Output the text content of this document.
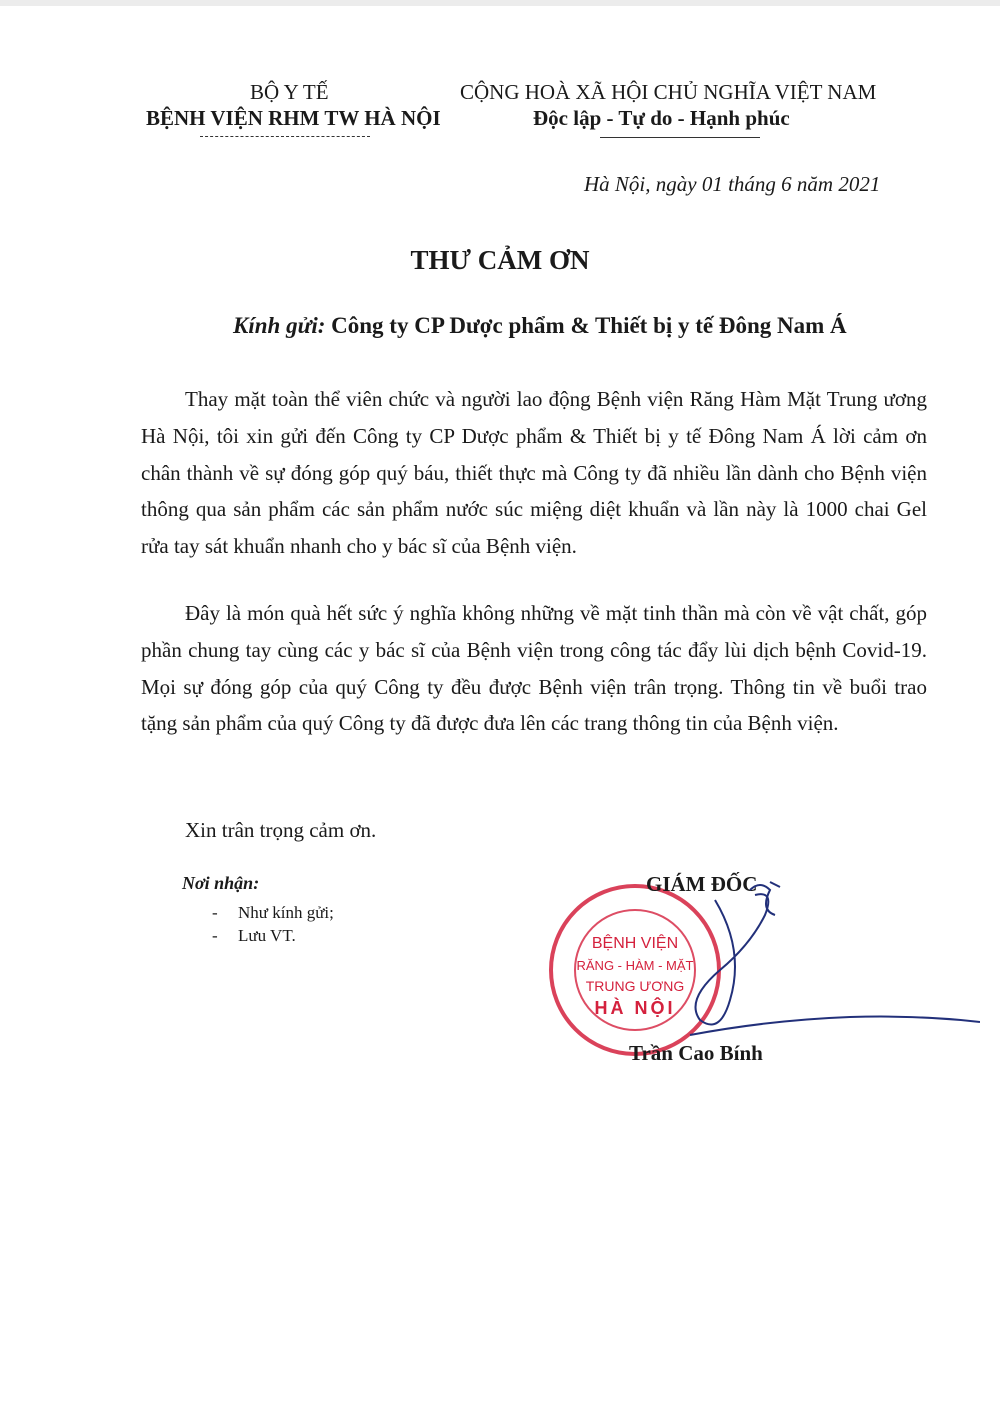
BỘ Y TẾ
BỆNH VIỆN RHM TW HÀ NỘI
CỘNG HOÀ XÃ HỘI CHỦ NGHĨA VIỆT NAM
Độc lập - Tự do - Hạnh phúc
Hà Nội, ngày 01 tháng 6 năm 2021
THƯ CẢM ƠN
Kính gửi: Công ty CP Dược phẩm & Thiết bị y tế Đông Nam Á

Thay mặt toàn thể viên chức và người lao động Bệnh viện Răng Hàm Mặt Trung ương Hà Nội, tôi xin gửi đến Công ty CP Dược phẩm & Thiết bị y tế Đông Nam Á lời cảm ơn chân thành về sự đóng góp quý báu, thiết thực mà Công ty đã nhiều lần dành cho Bệnh viện thông qua sản phẩm các sản phẩm nước súc miệng diệt khuẩn và lần này là 1000 chai Gel rửa tay sát khuẩn nhanh cho y bác sĩ của Bệnh viện.

Đây là món quà hết sức ý nghĩa không những về mặt tinh thần mà còn về vật chất, góp phần chung tay cùng các y bác sĩ của Bệnh viện trong công tác đẩy lùi dịch bệnh Covid-19. Mọi sự đóng góp của quý Công ty đều được Bệnh viện trân trọng. Thông tin về buổi trao tặng sản phẩm của quý Công ty đã được đưa lên các trang thông tin của Bệnh viện.

Xin trân trọng cảm ơn.

Nơi nhận:
- Như kính gửi;
- Lưu VT.	BỆNH VIỆN
RĂNG - HÀM - MẶT
TRUNG ƯƠNG
HÀ NỘI
GIÁM ĐỐC
Trần Cao Bính
